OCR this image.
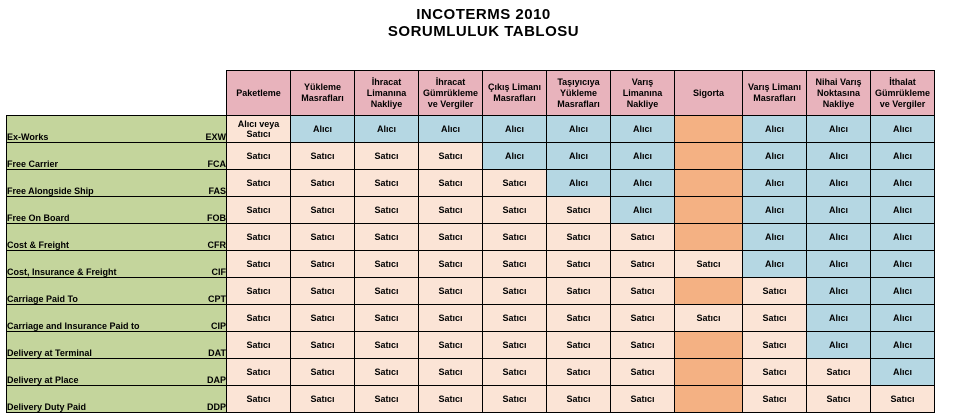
INCOTERMS 2010
SORUMLULUK TABLOSU
		Paketleme	Yükleme Masrafları	İhracat Limanına Nakliye	İhracat Gümrükleme ve Vergiler	Çıkış Limanı Masrafları	Taşıyıcıya Yükleme Masrafları	Varış Limanına Nakliye	Sigorta	Varış Limanı Masrafları	Nihai Varış Noktasına Nakliye	İthalat Gümrükleme ve Vergiler
Ex-Works	EXW	Alıcı veya Satıcı	Alıcı	Alıcı	Alıcı	Alıcı	Alıcı	Alıcı		Alıcı	Alıcı	Alıcı
Free Carrier	FCA	Satıcı	Satıcı	Satıcı	Satıcı	Alıcı	Alıcı	Alıcı		Alıcı	Alıcı	Alıcı
Free Alongside Ship	FAS	Satıcı	Satıcı	Satıcı	Satıcı	Satıcı	Alıcı	Alıcı		Alıcı	Alıcı	Alıcı
Free On Board	FOB	Satıcı	Satıcı	Satıcı	Satıcı	Satıcı	Satıcı	Alıcı		Alıcı	Alıcı	Alıcı
Cost & Freight	CFR	Satıcı	Satıcı	Satıcı	Satıcı	Satıcı	Satıcı	Satıcı		Alıcı	Alıcı	Alıcı
Cost, Insurance & Freight	CIF	Satıcı	Satıcı	Satıcı	Satıcı	Satıcı	Satıcı	Satıcı	Satıcı	Alıcı	Alıcı	Alıcı
Carriage Paid To	CPT	Satıcı	Satıcı	Satıcı	Satıcı	Satıcı	Satıcı	Satıcı		Satıcı	Alıcı	Alıcı
Carriage and Insurance Paid to	CIP	Satıcı	Satıcı	Satıcı	Satıcı	Satıcı	Satıcı	Satıcı	Satıcı	Satıcı	Alıcı	Alıcı
Delivery at Terminal	DAT	Satıcı	Satıcı	Satıcı	Satıcı	Satıcı	Satıcı	Satıcı		Satıcı	Alıcı	Alıcı
Delivery at Place	DAP	Satıcı	Satıcı	Satıcı	Satıcı	Satıcı	Satıcı	Satıcı		Satıcı	Satıcı	Alıcı
Delivery Duty Paid	DDP	Satıcı	Satıcı	Satıcı	Satıcı	Satıcı	Satıcı	Satıcı		Satıcı	Satıcı	Satıcı
